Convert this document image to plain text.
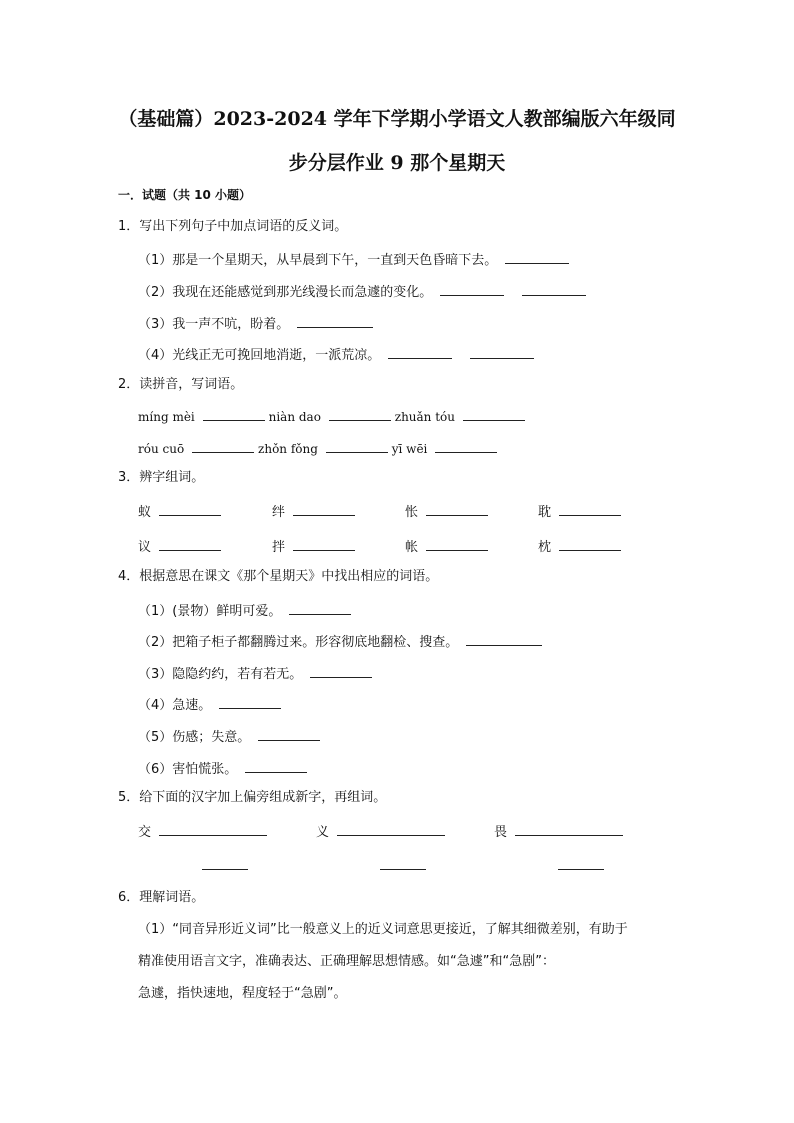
（基础篇）2023-2024 学年下学期小学语文人教部编版六年级同
步分层作业 9 那个星期天
一．试题（共 10 小题）
1．写出下列句子中加点词语的反义词。
（1）那是一个星期天，从早晨到下午，一直到天色昏暗下去。
（2）我现在还能感觉到那光线漫长而急遽的变化。
（3）我一声不吭，盼着。
（4）光线正无可挽回地消逝，一派荒凉。
2．读拼音，写词语。
míng mèi	niàn dao	zhuǎn tóu
róu cuō	zhǒn fǒng	yī wēi
3．辨字组词。
蚁	绊	怅	耽
议	拌	帐	枕
4．根据意思在课文《那个星期天》中找出相应的词语。
（1）(景物）鲜明可爱。
（2）把箱子柜子都翻腾过来。形容彻底地翻检、搜查。
（3）隐隐约约，若有若无。
（4）急速。
（5）伤感；失意。
（6）害怕慌张。
5．给下面的汉字加上偏旁组成新字，再组词。
交	义	畏
6．理解词语。
（1）“同音异形近义词”比一般意义上的近义词意思更接近，了解其细微差别，有助于
精准使用语言文字，准确表达、正确理解思想情感。如“急遽”和“急剧”：
急遽，指快速地，程度轻于“急剧”。
